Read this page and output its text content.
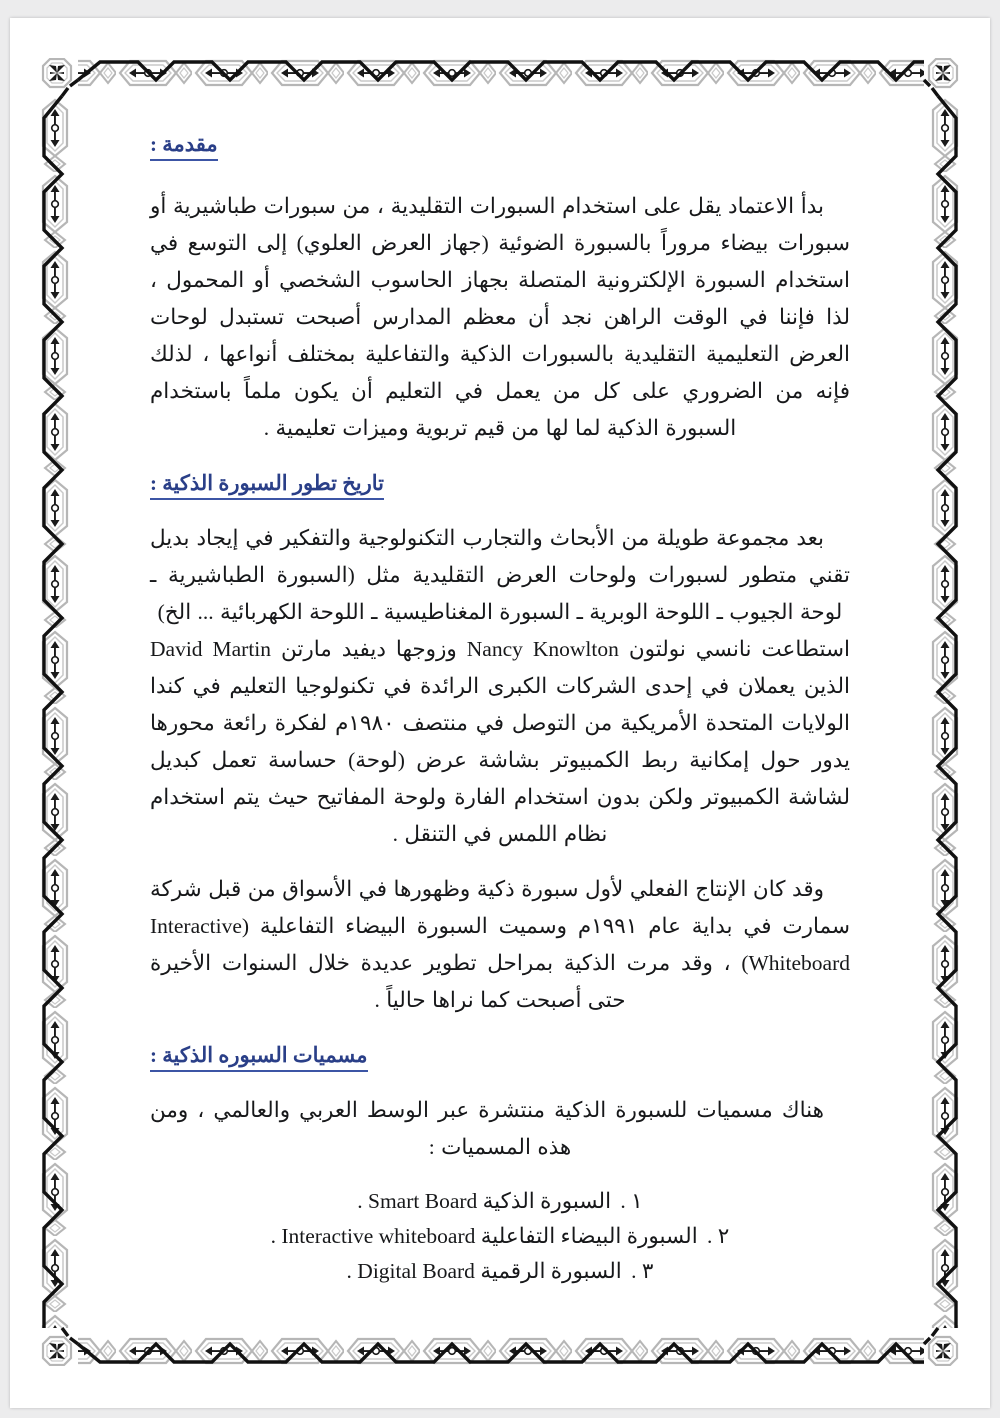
مقدمة :

بدأ الاعتماد يقل على استخدام السبورات التقليدية ، من سبورات طباشيرية أو سبورات بيضاء مروراً بالسبورة الضوئية (جهاز العرض العلوي) إلى التوسع في استخدام السبورة الإلكترونية المتصلة بجهاز الحاسوب الشخصي أو المحمول ، لذا فإننا في الوقت الراهن نجد أن معظم المدارس أصبحت تستبدل لوحات العرض التعليمية التقليدية بالسبورات الذكية والتفاعلية بمختلف أنواعها ، لذلك فإنه من الضروري على كل من يعمل في التعليم أن يكون ملماً باستخدام السبورة الذكية لما لها من قيم تربوية وميزات تعليمية .

تاريخ تطور السبورة الذكية :

بعد مجموعة طويلة من الأبحاث والتجارب التكنولوجية والتفكير في إيجاد بديل تقني متطور لسبورات ولوحات العرض التقليدية مثل (السبورة الطباشيرية ـ لوحة الجيوب ـ اللوحة الوبرية ـ السبورة المغناطيسية ـ اللوحة الكهربائية ... الخ)

استطاعت نانسي نولتون Nancy Knowlton وزوجها ديفيد مارتن David Martin الذين يعملان في إحدى الشركات الكبرى الرائدة في تكنولوجيا التعليم في كندا الولايات المتحدة الأمريكية من التوصل في منتصف ١٩٨٠م لفكرة رائعة محورها يدور حول إمكانية ربط الكمبيوتر بشاشة عرض (لوحة) حساسة تعمل كبديل لشاشة الكمبيوتر ولكن بدون استخدام الفارة ولوحة المفاتيح حيث يتم استخدام نظام اللمس في التنقل .

وقد كان الإنتاج الفعلي لأول سبورة ذكية وظهورها في الأسواق من قبل شركة سمارت في بداية عام ١٩٩١م وسميت السبورة البيضاء التفاعلية (Interactive Whiteboard) ، وقد مرت الذكية بمراحل تطوير عديدة خلال السنوات الأخيرة حتى أصبحت كما نراها حالياً .

مسميات السبوره الذكية :

هناك مسميات للسبورة الذكية منتشرة عبر الوسط العربي والعالمي ، ومن هذه المسميات :

١ . السبورة الذكية Smart Board .
٢ . السبورة البيضاء التفاعلية Interactive whiteboard .
٣ . السبورة الرقمية Digital Board .
